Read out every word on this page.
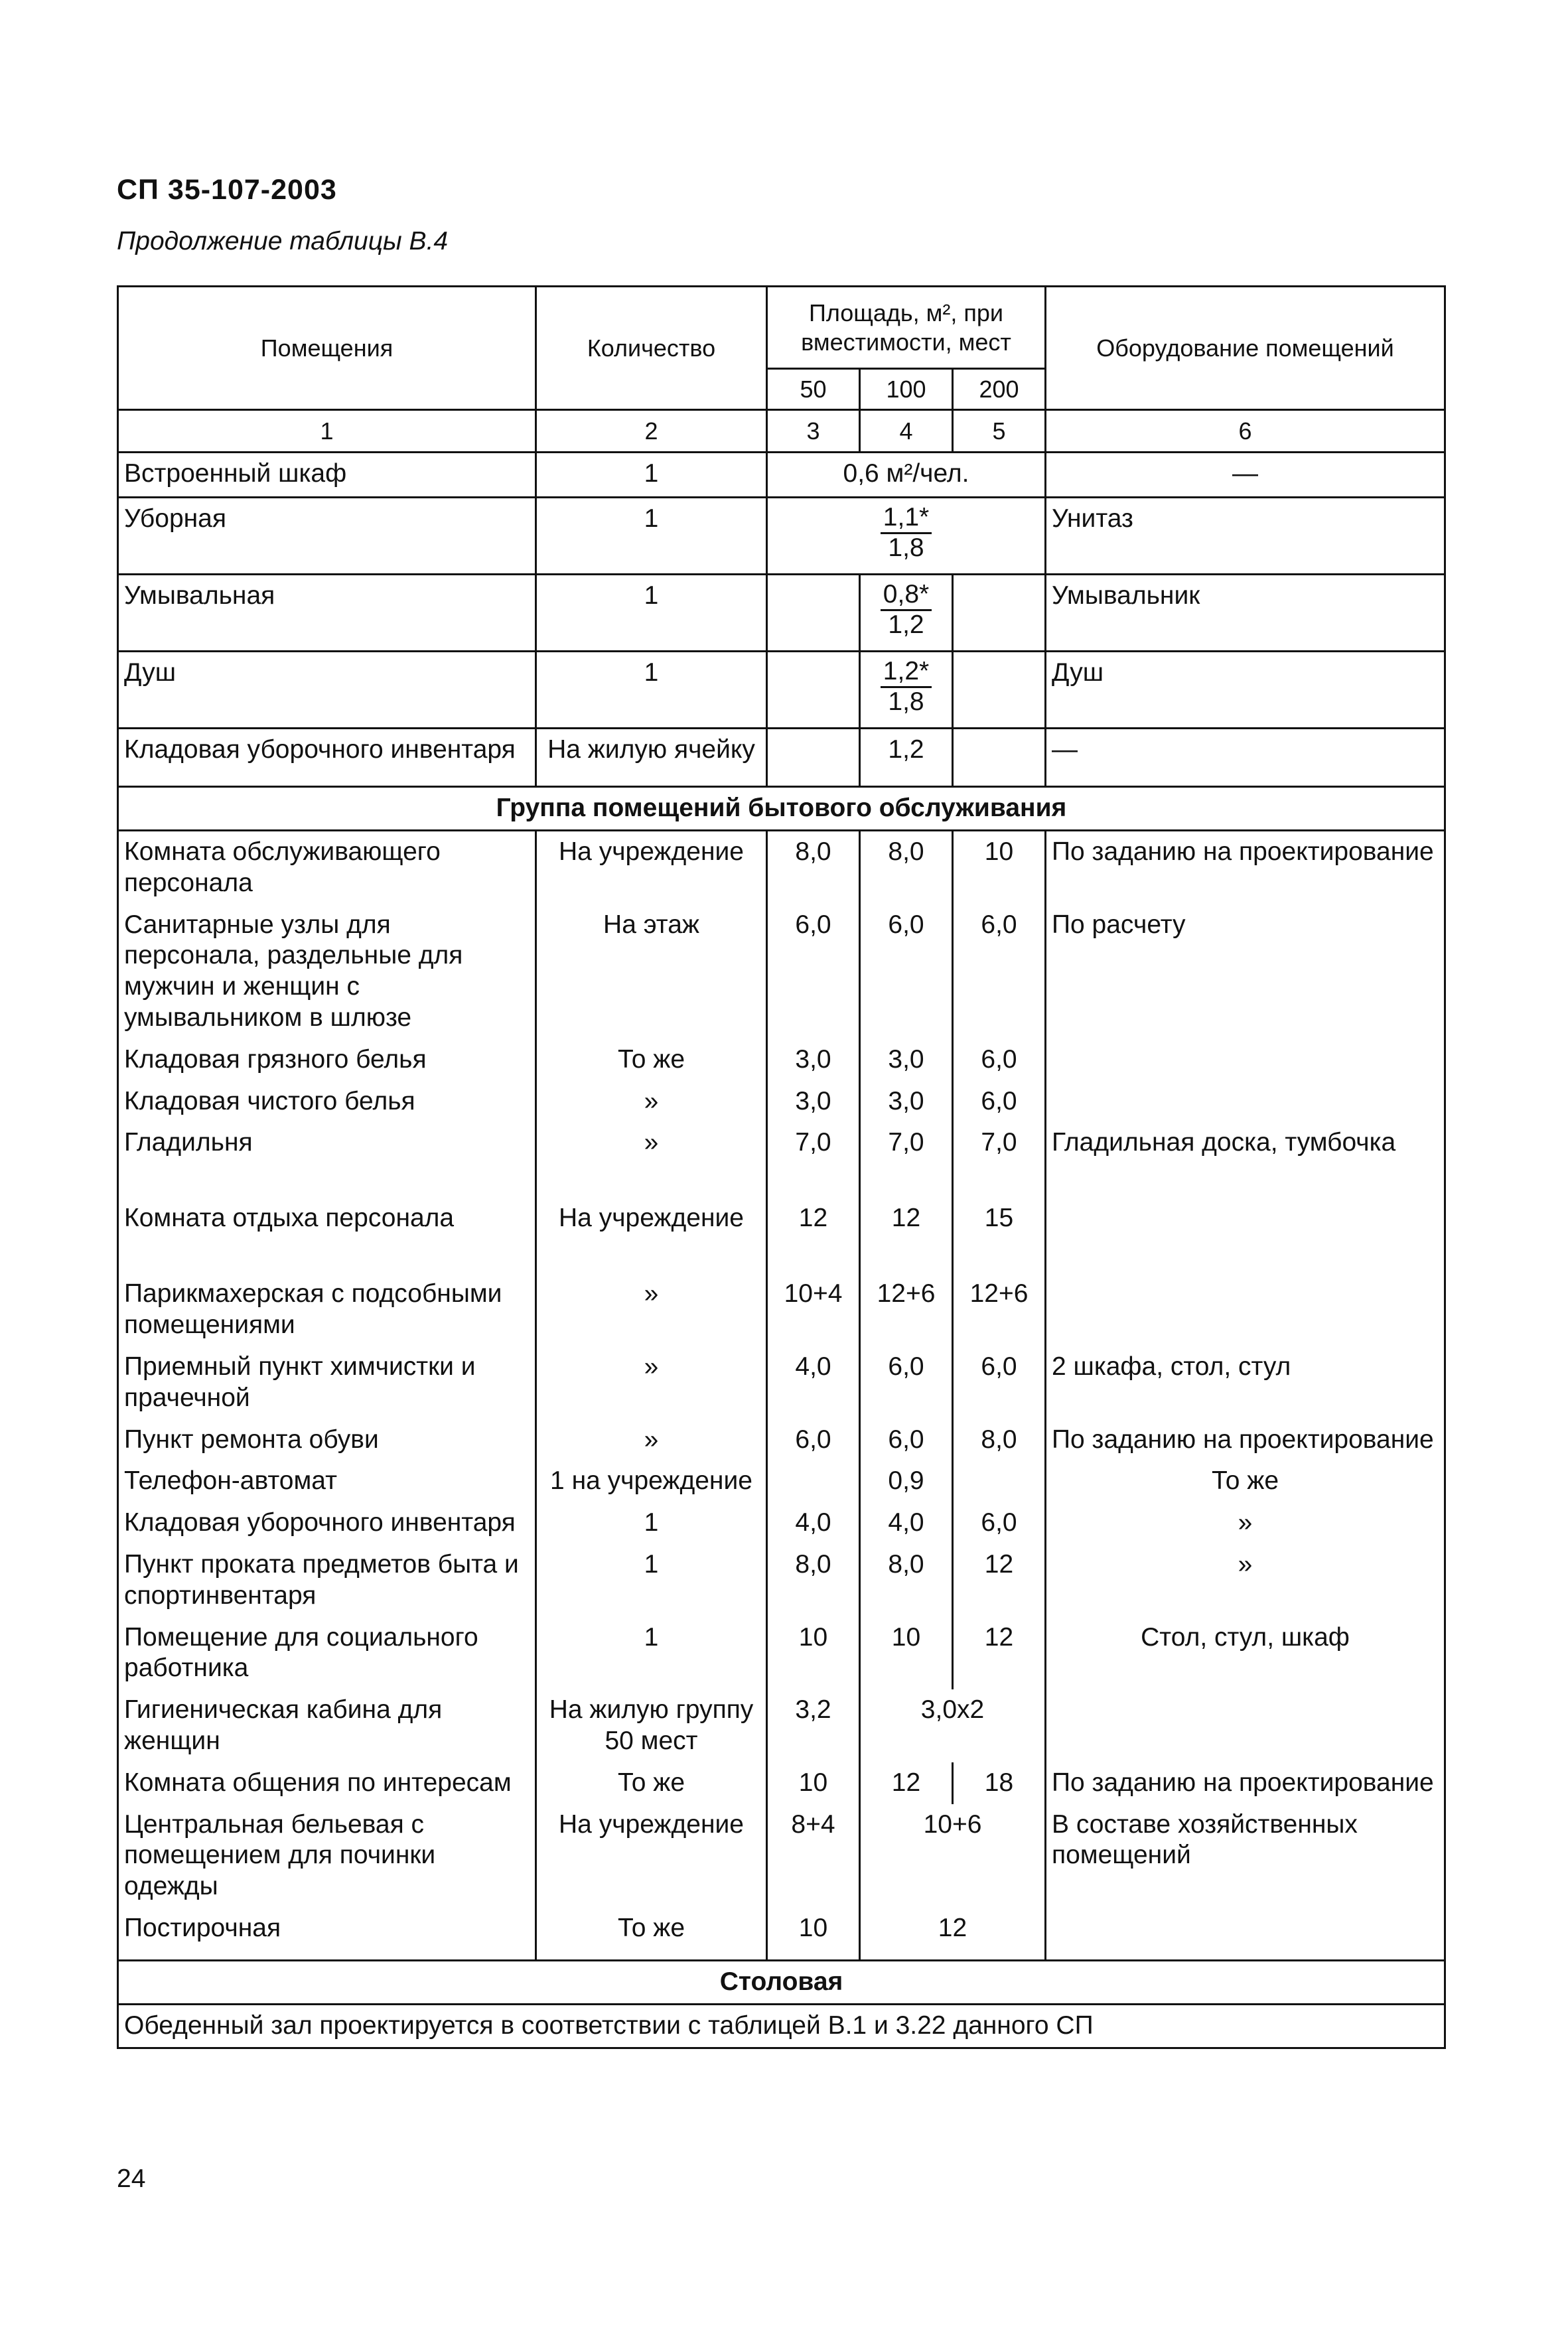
СП 35-107-2003
Продолжение таблицы В.4
Помещения	Количество	Площадь, м², при вместимости, мест			Оборудование помещений
		50	100	200	
1	2	3	4	5	6
Встроенный шкаф	1	0,6 м²/чел.			—
Уборная	1	$\frac{1,1*}{1,8}$			Унитаз
Умывальная	1		$\frac{0,8*}{1,2}$		Умывальник
Душ	1		$\frac{1,2*}{1,8}$		Душ
Кладовая уборочного инвентаря	На жилую ячейку		1,2		—
Группа помещений бытового обслуживания					
Комната обслуживающего персонала	На учреждение	8,0	8,0	10	По заданию на проектирование
Санитарные узлы для персонала, раздельные для мужчин и женщин с умывальником в шлюзе	На этаж	6,0	6,0	6,0	По расчету
Кладовая грязного белья	То же	3,0	3,0	6,0	
Кладовая чистого белья	»	3,0	3,0	6,0	
Гладильня	»	7,0	7,0	7,0	Гладильная доска, тумбочка
Комната отдыха персонала	На учреждение	12	12	15	
Парикмахерская с подсобными помещениями	»	10+4	12+6	12+6	
Приемный пункт химчистки и прачечной	»	4,0	6,0	6,0	2 шкафа, стол, стул
Пункт ремонта обуви	»	6,0	6,0	8,0	По заданию на проектирование
Телефон-автомат	1 на учреждение		0,9		То же
Кладовая уборочного инвентаря	1	4,0	4,0	6,0	»
Пункт проката предметов быта и спортинвентаря	1	8,0	8,0	12	»
Помещение для социального работника	1	10	10	12	Стол, стул, шкаф
Гигиеническая кабина для женщин	На жилую группу 50 мест	3,2	3,0х2		
Комната общения по интересам	То же	10	12	18	По заданию на проектирование
Центральная бельевая с помещением для починки одежды	На учреждение	8+4	10+6		В составе хозяйственных помещений
Постирочная	То же	10	12		
Столовая					
Обеденный зал проектируется в соответствии с таблицей В.1 и 3.22 данного СП					
24
